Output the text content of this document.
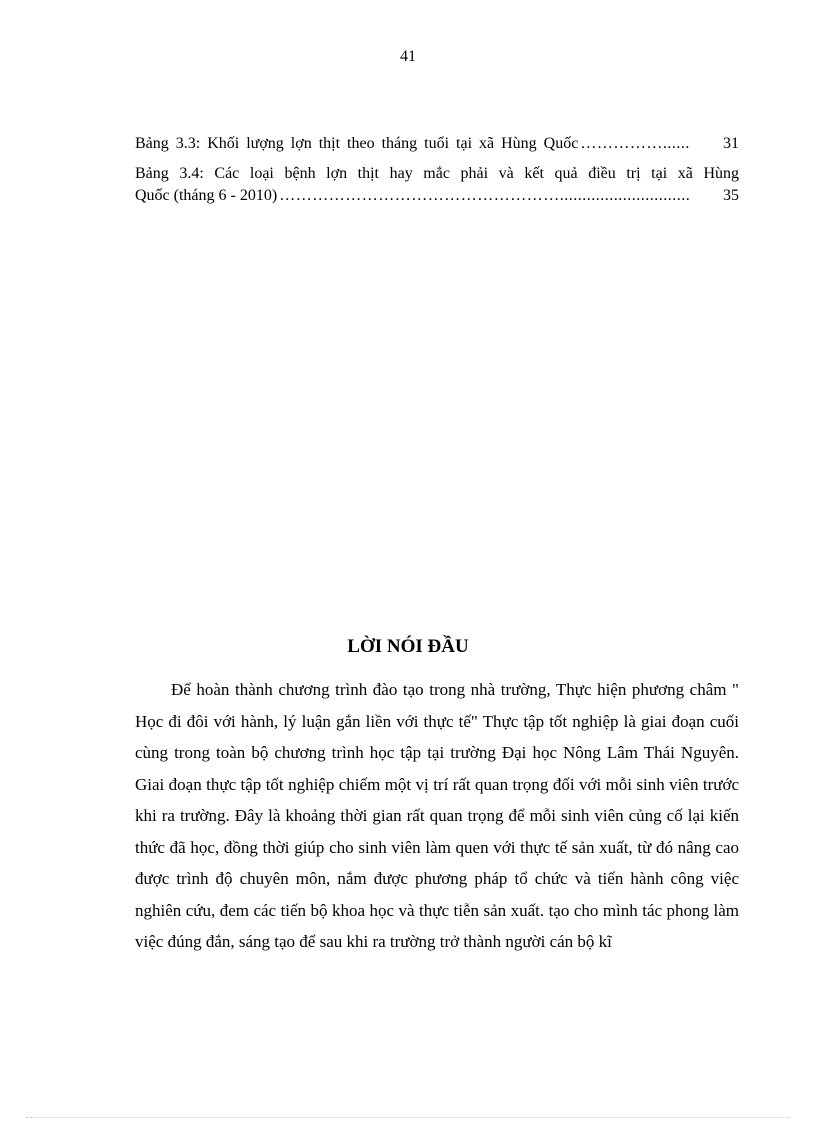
41
Bảng 3.3: Khối lượng lợn thịt theo tháng tuổi tại xã Hùng Quốc ……………......	31
Bảng 3.4: Các loại bệnh lợn thịt hay mắc phải và kết quả điều trị tại xã Hùng
Quốc (tháng 6 - 2010) …………………………………………….............................	35
LỜI NÓI ĐẦU
Để hoàn thành chương trình đào tạo trong nhà trường, Thực hiện phương châm " Học đi đôi với hành, lý luận gắn liền với thực tế" Thực tập tốt nghiệp là giai đoạn cuối cùng trong toàn bộ chương trình học tập tại trường Đại học Nông Lâm Thái Nguyên. Giai đoạn thực tập tốt nghiệp chiếm một vị trí rất quan trọng đối với mỗi sinh viên trước khi ra trường. Đây là khoảng thời gian rất quan trọng để mỗi sinh viên củng cố lại kiến thức đã học, đồng thời giúp cho sinh viên làm quen với thực tế sản xuất, từ đó nâng cao được trình độ chuyên môn, nắm được phương pháp tổ chức và tiến hành công việc nghiên cứu, đem các tiến bộ khoa học và thực tiễn sản xuất. tạo cho mình tác phong làm việc đúng đắn, sáng tạo để sau khi ra trường trở thành người cán bộ kĩ
